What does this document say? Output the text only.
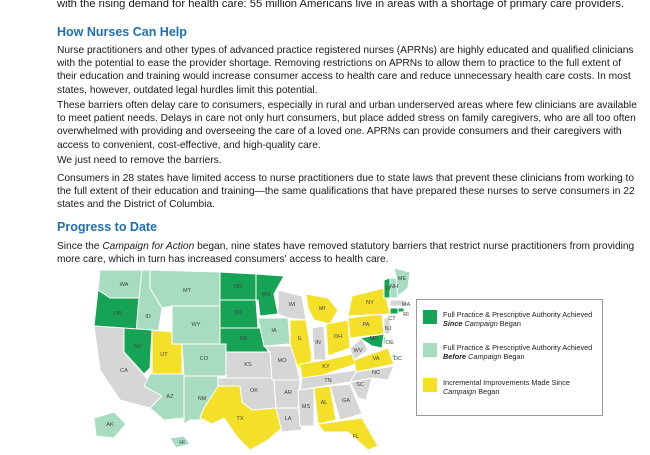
with the rising demand for health care: 55 million Americans live in areas with a shortage of primary care providers.

How Nurses Can Help

Nurse practitioners and other types of advanced practice registered nurses (APRNs) are highly educated and qualified clinicians with the potential to ease the provider shortage. Removing restrictions on APRNs to allow them to practice to the full extent of their education and training would increase consumer access to health care and reduce unnecessary health care costs. In most states, however, outdated legal hurdles limit this potential.

These barriers often delay care to consumers, especially in rural and urban underserved areas where few clinicians are available to meet patient needs. Delays in care not only hurt consumers, but place added stress on family caregivers, who are all too often overwhelmed with providing and overseeing the care of a loved one. APRNs can provide consumers and their caregivers with access to convenient, cost-effective, and high-quality care.

We just need to remove the barriers.

Consumers in 28 states have limited access to nurse practitioners due to state laws that prevent these clinicians from working to the full extent of their education and training—the same qualifications that have prepared these nurses to serve consumers in 22 states and the District of Columbia.

Progress to Date

Since the Campaign for Action began, nine states have removed statutory barriers that restrict nurse practitioners from providing more care, which in turn has increased consumers' access to health care.

WA
OR
CA
ID
NV
MT
WY
UT
AZ
CO
NM
ND
SD
NE
KS
OK
TX
MN
IA
MO
AR
LA
WI
IL
MI
IN
OH
KY
TN
MS
AL	GA
FL
SC
NC
VA
WV
PA
NY
VT
NH
ME
MA
RI
CT
NJ
DE
MD
DC
AK
HI
Full Practice & Prescriptive Authority Achieved Since Campaign Began
Full Practice & Prescriptive Authority Achieved Before Campaign Began
Incremental Improvements Made Since Campaign Began
